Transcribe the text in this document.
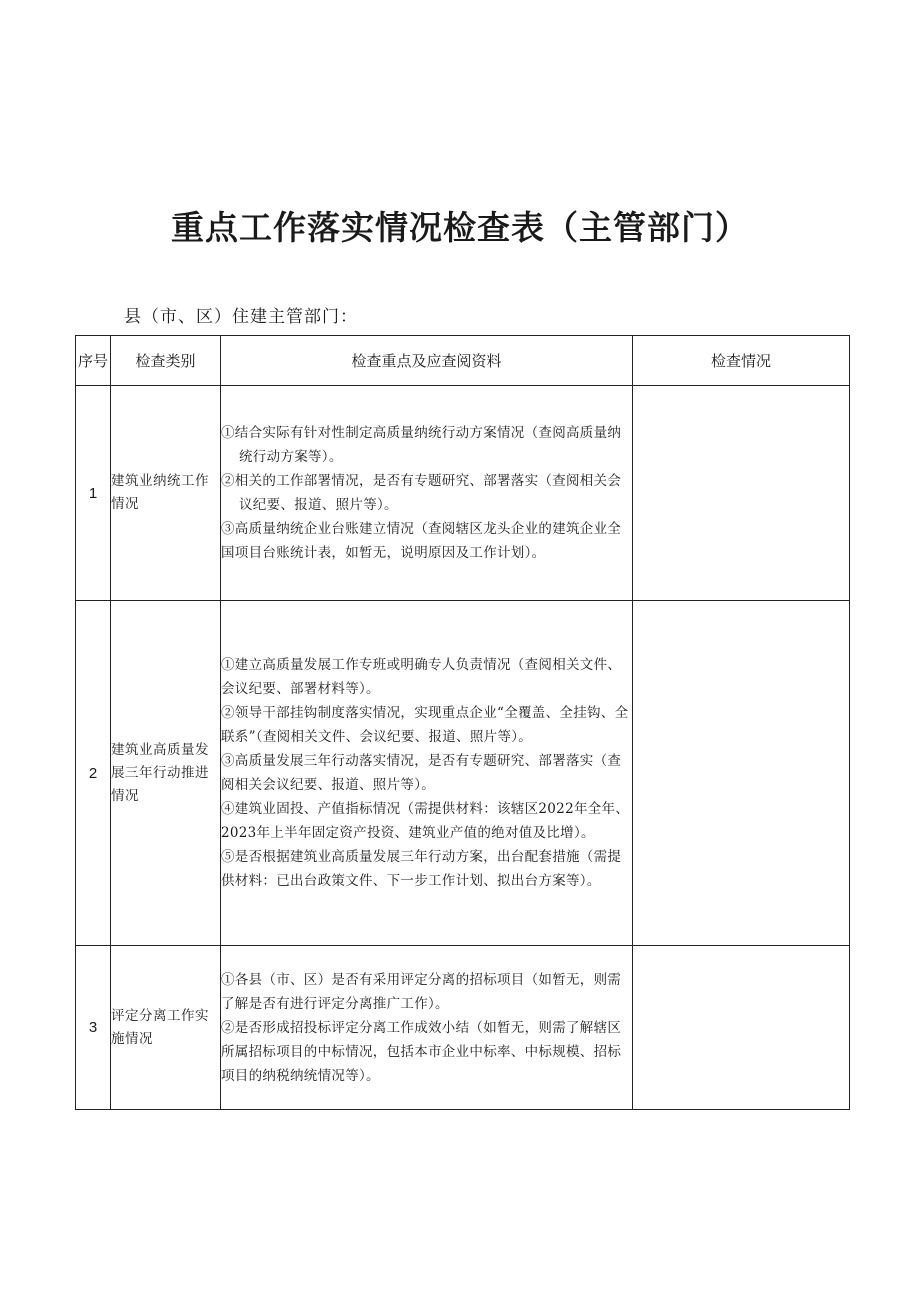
重点工作落实情况检查表（主管部门）
县（市、区）住建主管部门：
序号	检查类别	检查重点及应查阅资料	检查情况
1	建筑业纳统工作情况	①结合实际有针对性制定高质量纳统行动方案情况（查阅高质量纳统行动方案等）。

②相关的工作部署情况，是否有专题研究、部署落实（查阅相关会议纪要、报道、照片等）。

③高质量纳统企业台账建立情况（查阅辖区龙头企业的建筑企业全国项目台账统计表，如暂无，说明原因及工作计划）。	

2	建筑业高质量发展三年行动推进情况	①建立高质量发展工作专班或明确专人负责情况（查阅相关文件、会议纪要、部署材料等）。

②领导干部挂钩制度落实情况，实现重点企业“全覆盖、全挂钩、全联系”（查阅相关文件、会议纪要、报道、照片等）。

③高质量发展三年行动落实情况，是否有专题研究、部署落实（查阅相关会议纪要、报道、照片等）。

④建筑业固投、产值指标情况（需提供材料：该辖区2022年全年、2023年上半年固定资产投资、建筑业产值的绝对值及比增）。

⑤是否根据建筑业高质量发展三年行动方案，出台配套措施（需提供材料：已出台政策文件、下一步工作计划、拟出台方案等）。	

3	评定分离工作实施情况	①各县（市、区）是否有采用评定分离的招标项目（如暂无，则需了解是否有进行评定分离推广工作）。

②是否形成招投标评定分离工作成效小结（如暂无，则需了解辖区所属招标项目的中标情况，包括本市企业中标率、中标规模、招标项目的纳税纳统情况等）。	
